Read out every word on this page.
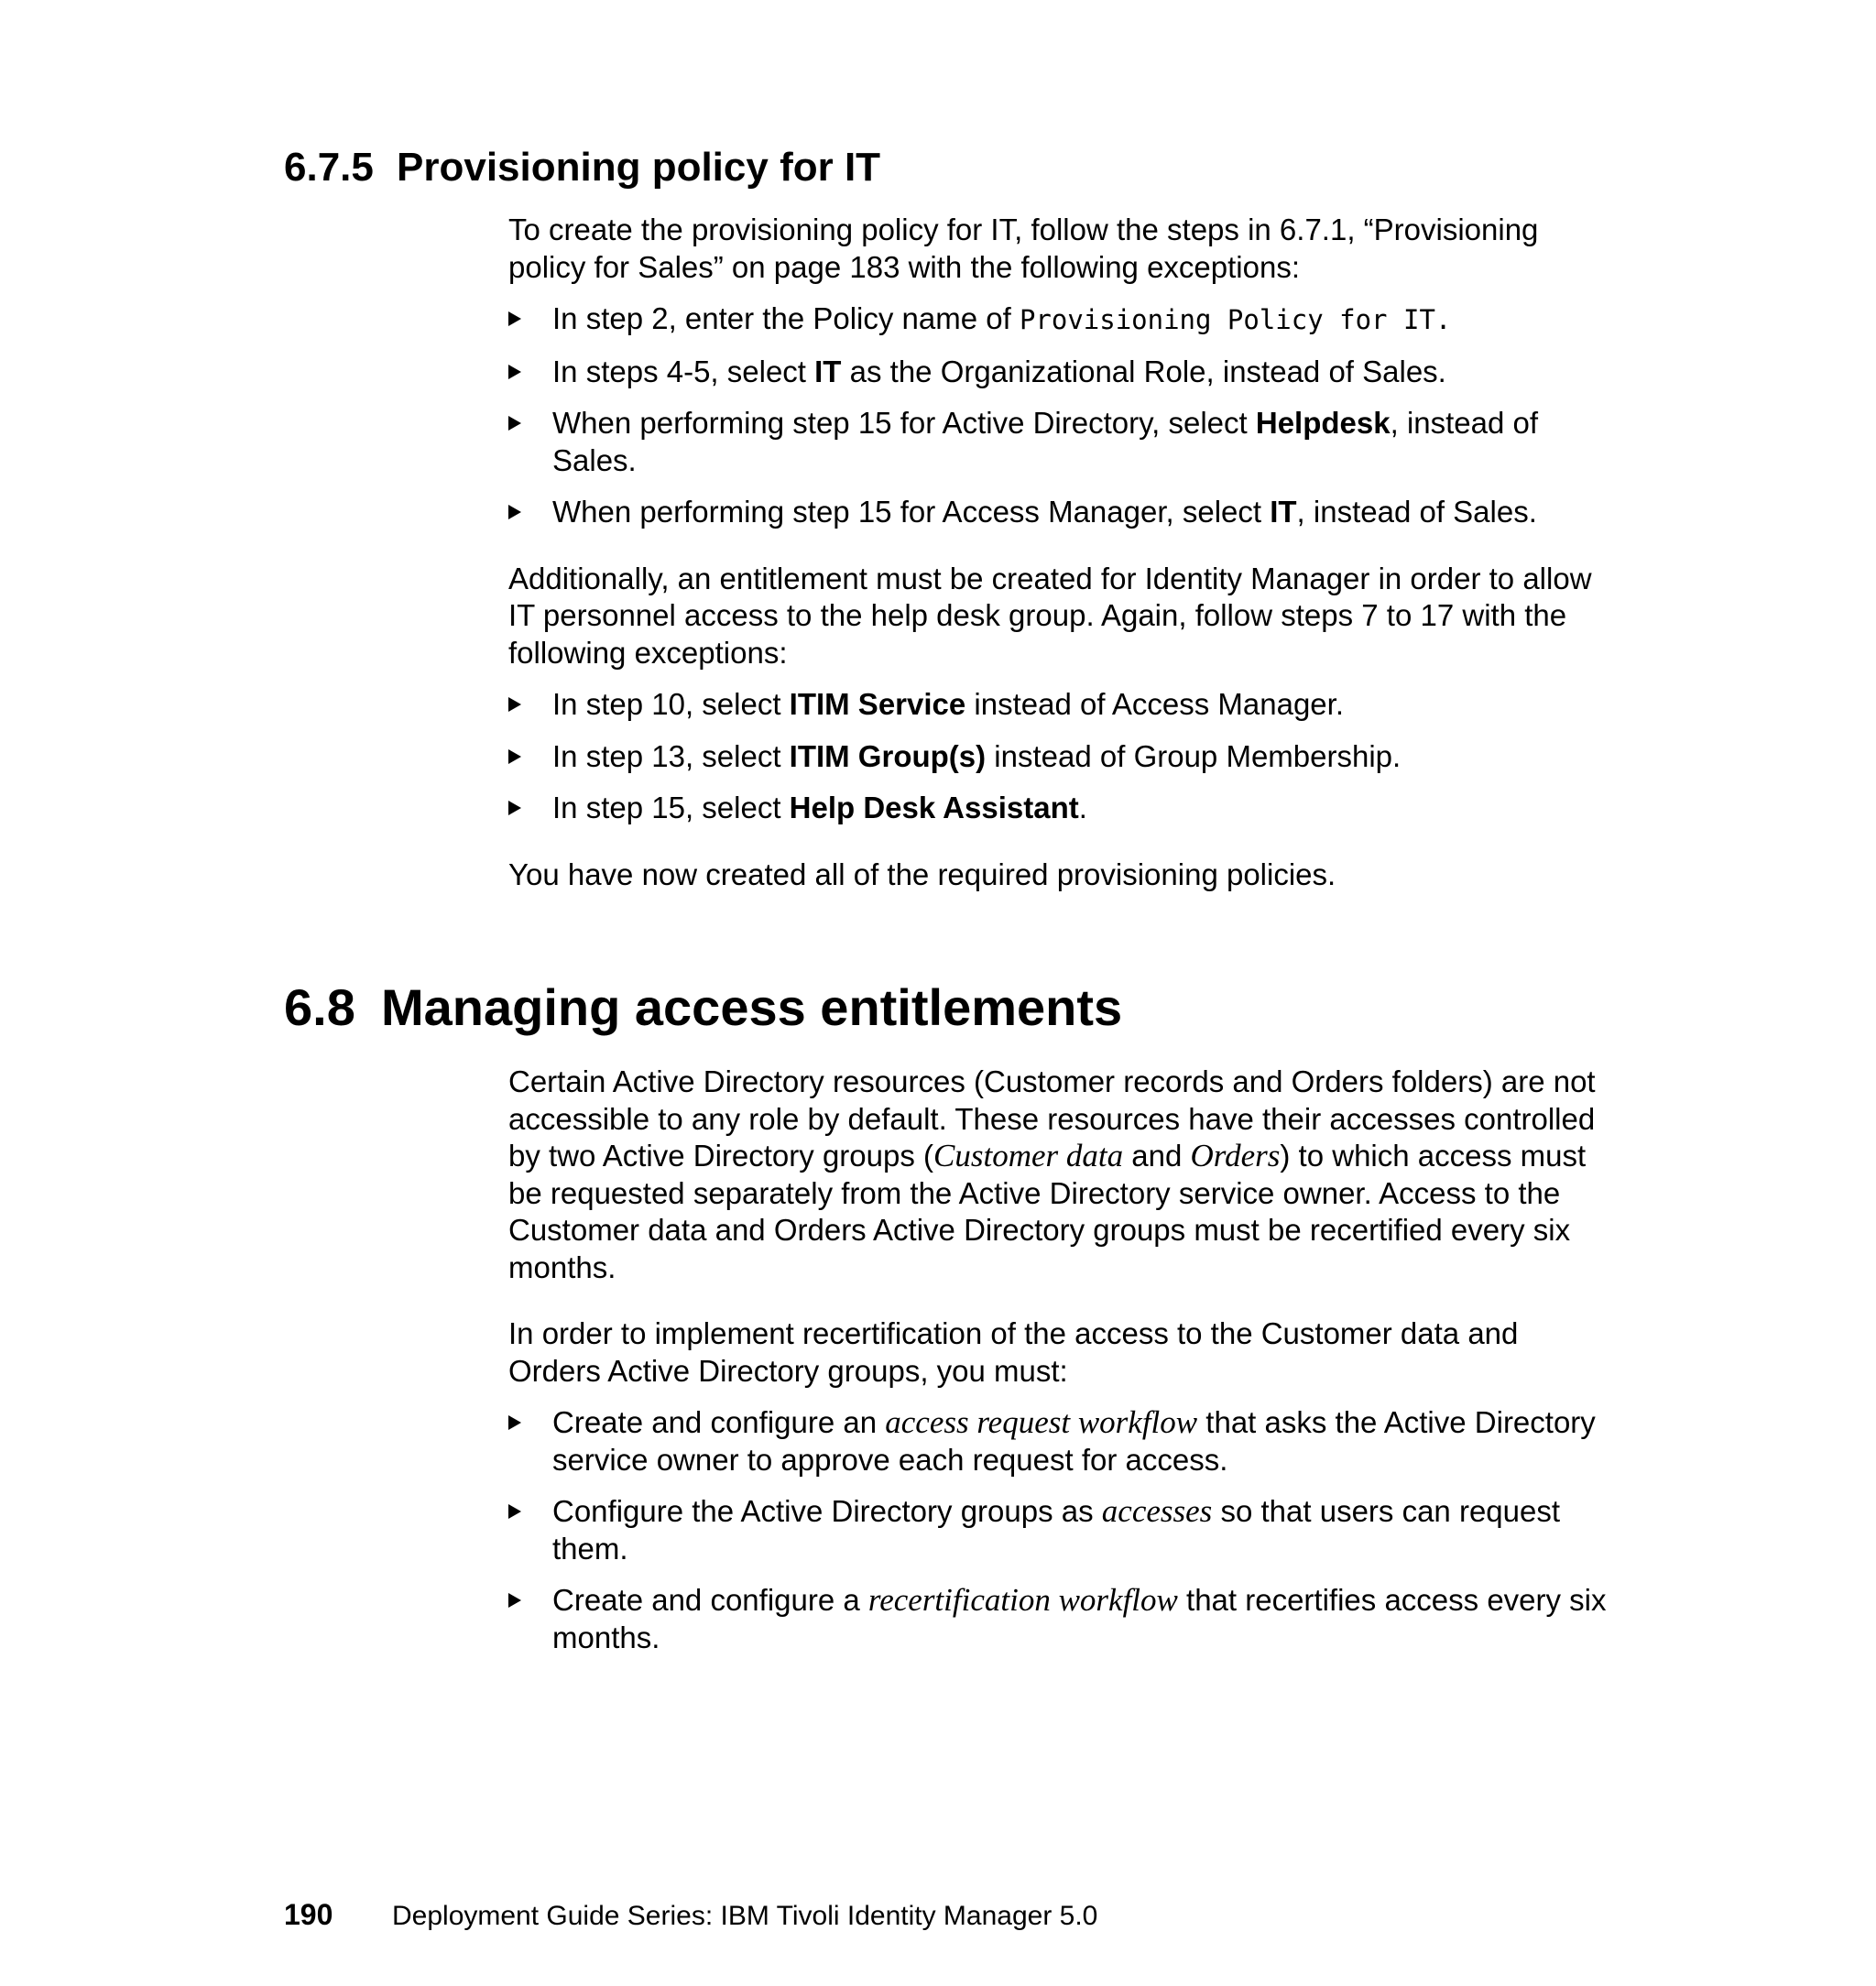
6.7.5 Provisioning policy for IT

To create the provisioning policy for IT, follow the steps in 6.7.1, “Provisioning policy for Sales” on page 183 with the following exceptions:

In step 2, enter the Policy name of Provisioning Policy for IT.
In steps 4-5, select IT as the Organizational Role, instead of Sales.
When performing step 15 for Active Directory, select Helpdesk, instead of Sales.
When performing step 15 for Access Manager, select IT, instead of Sales.

Additionally, an entitlement must be created for Identity Manager in order to allow IT personnel access to the help desk group. Again, follow steps 7 to 17 with the following exceptions:

In step 10, select ITIM Service instead of Access Manager.
In step 13, select ITIM Group(s) instead of Group Membership.
In step 15, select Help Desk Assistant.

You have now created all of the required provisioning policies.

6.8 Managing access entitlements

Certain Active Directory resources (Customer records and Orders folders) are not accessible to any role by default. These resources have their accesses controlled by two Active Directory groups (Customer data and Orders) to which access must be requested separately from the Active Directory service owner. Access to the Customer data and Orders Active Directory groups must be recertified every six months.

In order to implement recertification of the access to the Customer data and Orders Active Directory groups, you must:

Create and configure an access request workflow that asks the Active Directory service owner to approve each request for access.
Configure the Active Directory groups as accesses so that users can request them.
Create and configure a recertification workflow that recertifies access every six months.
190 Deployment Guide Series: IBM Tivoli Identity Manager 5.0
